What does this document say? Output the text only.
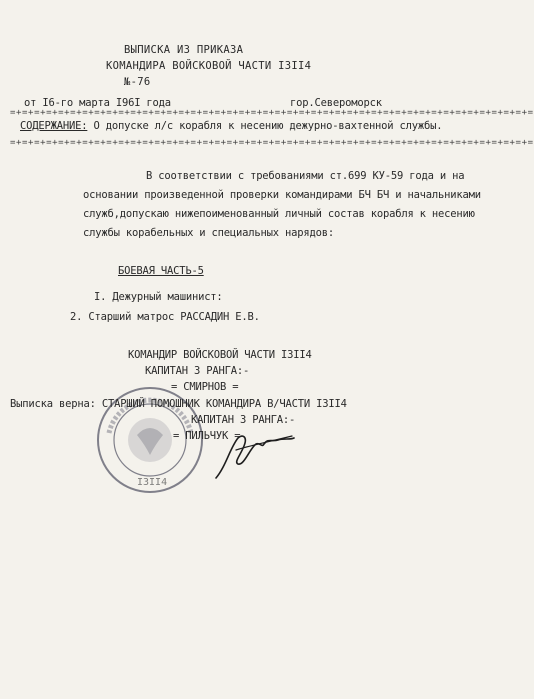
ВЫПИСКА ИЗ ПРИКАЗА
КОМАНДИРА ВОЙСКОВОЙ ЧАСТИ I3II4
№-76
от I6-го марта I96I года	гор.Североморск
=+=+=+=+=+=+=+=+=+=+=+=+=+=+=+=+=+=+=+=+=+=+=+=+=+=+=+=+=+=+=+=+=+=+=+=+=+=+=+=+=+=+=+=
СОДЕРЖАНИЕ: О допуске л/с корабля к несению дежурно-вахтенной службы.
=+=+=+=+=+=+=+=+=+=+=+=+=+=+=+=+=+=+=+=+=+=+=+=+=+=+=+=+=+=+=+=+=+=+=+=+=+=+=+=+=+=+=+=
В соответствии с требованиями ст.699 КУ-59 года и на
основании произведенной проверки командирами БЧ БЧ и начальниками
служб,допускаю нижепоименованный личный состав корабля к несению
службы корабельных и специальных нарядов:
БОЕВАЯ ЧАСТЬ-5
I. Дежурный машинист:
2. Старший матрос РАССАДИН Е.В.
КОМАНДИР ВОЙСКОВОЙ ЧАСТИ I3II4
КАПИТАН 3 РАНГА:-
= СМИРНОВ =
I3II4
Выписка верна: СТАРШИЙ ПОМОШНИК КОМАНДИРА В/ЧАСТИ I3II4
КАПИТАН 3 РАНГА:-
= ПИЛЬЧУК =
